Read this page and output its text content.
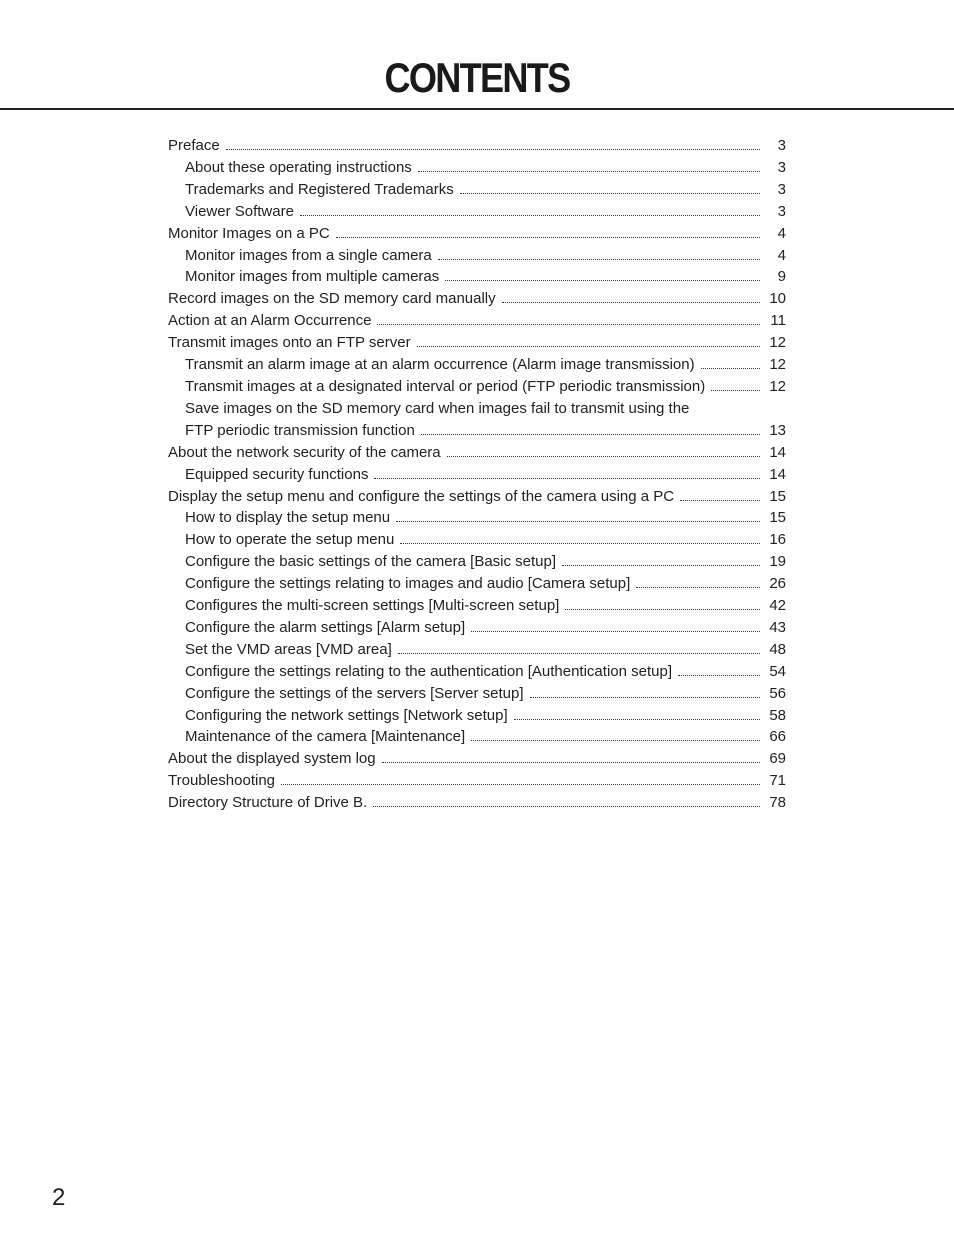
CONTENTS
Preface	3
About these operating instructions	3
Trademarks and Registered Trademarks	3
Viewer Software	3
Monitor Images on a PC	4
Monitor images from a single camera	4
Monitor images from multiple cameras	9
Record images on the SD memory card manually	10
Action at an Alarm Occurrence	11
Transmit images onto an FTP server	12
Transmit an alarm image at an alarm occurrence (Alarm image transmission)	12
Transmit images at a designated interval or period (FTP periodic transmission)	12
Save images on the SD memory card when images fail to transmit using the
FTP periodic transmission function	13
About the network security of the camera	14
Equipped security functions	14
Display the setup menu and configure the settings of the camera using a PC	15
How to display the setup menu	15
How to operate the setup menu	16
Configure the basic settings of the camera [Basic setup]	19
Configure the settings relating to images and audio [Camera setup]	26
Configures the multi-screen settings [Multi-screen setup]	42
Configure the alarm settings [Alarm setup]	43
Set the VMD areas [VMD area]	48
Configure the settings relating to the authentication [Authentication setup]	54
Configure the settings of the servers [Server setup]	56
Configuring the network settings [Network setup]	58
Maintenance of the camera [Maintenance]	66
About the displayed system log	69
Troubleshooting	71
Directory Structure of Drive B.	78
2
